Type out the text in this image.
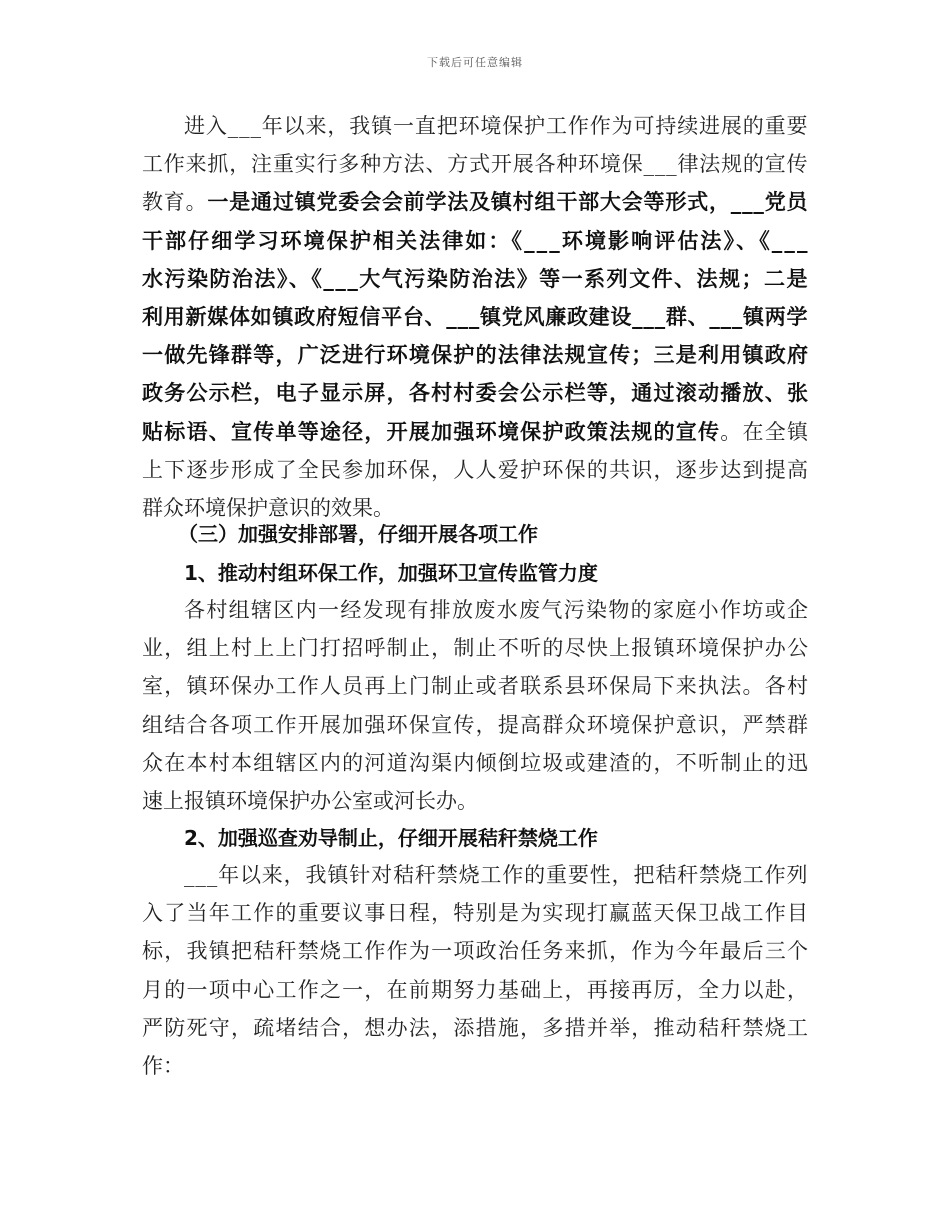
下载后可任意编辑
进入___年以来，我镇一直把环境保护工作作为可持续进展的重要
工作来抓，注重实行多种方法、方式开展各种环境保___律法规的宣传
教育。一是通过镇党委会会前学法及镇村组干部大会等形式，___党员
干部仔细学习环境保护相关法律如：《___环境影响评估法》、《___
水污染防治法》、《___大气污染防治法》等一系列文件、法规；二是
利用新媒体如镇政府短信平台、___镇党风廉政建设___群、___镇两学
一做先锋群等，广泛进行环境保护的法律法规宣传；三是利用镇政府
政务公示栏，电子显示屏，各村村委会公示栏等，通过滚动播放、张
贴标语、宣传单等途径，开展加强环境保护政策法规的宣传。在全镇
上下逐步形成了全民参加环保，人人爱护环保的共识，逐步达到提高
群众环境保护意识的效果。
（三）加强安排部署，仔细开展各项工作
1、推动村组环保工作，加强环卫宣传监管力度
各村组辖区内一经发现有排放废水废气污染物的家庭小作坊或企
业，组上村上上门打招呼制止，制止不听的尽快上报镇环境保护办公
室，镇环保办工作人员再上门制止或者联系县环保局下来执法。各村
组结合各项工作开展加强环保宣传，提高群众环境保护意识，严禁群
众在本村本组辖区内的河道沟渠内倾倒垃圾或建渣的，不听制止的迅
速上报镇环境保护办公室或河长办。
2、加强巡查劝导制止，仔细开展秸秆禁烧工作
___年以来，我镇针对秸秆禁烧工作的重要性，把秸秆禁烧工作列
入了当年工作的重要议事日程，特别是为实现打赢蓝天保卫战工作目
标，我镇把秸秆禁烧工作作为一项政治任务来抓，作为今年最后三个
月的一项中心工作之一，在前期努力基础上，再接再厉，全力以赴，
严防死守，疏堵结合，想办法，添措施，多措并举，推动秸秆禁烧工
作：
